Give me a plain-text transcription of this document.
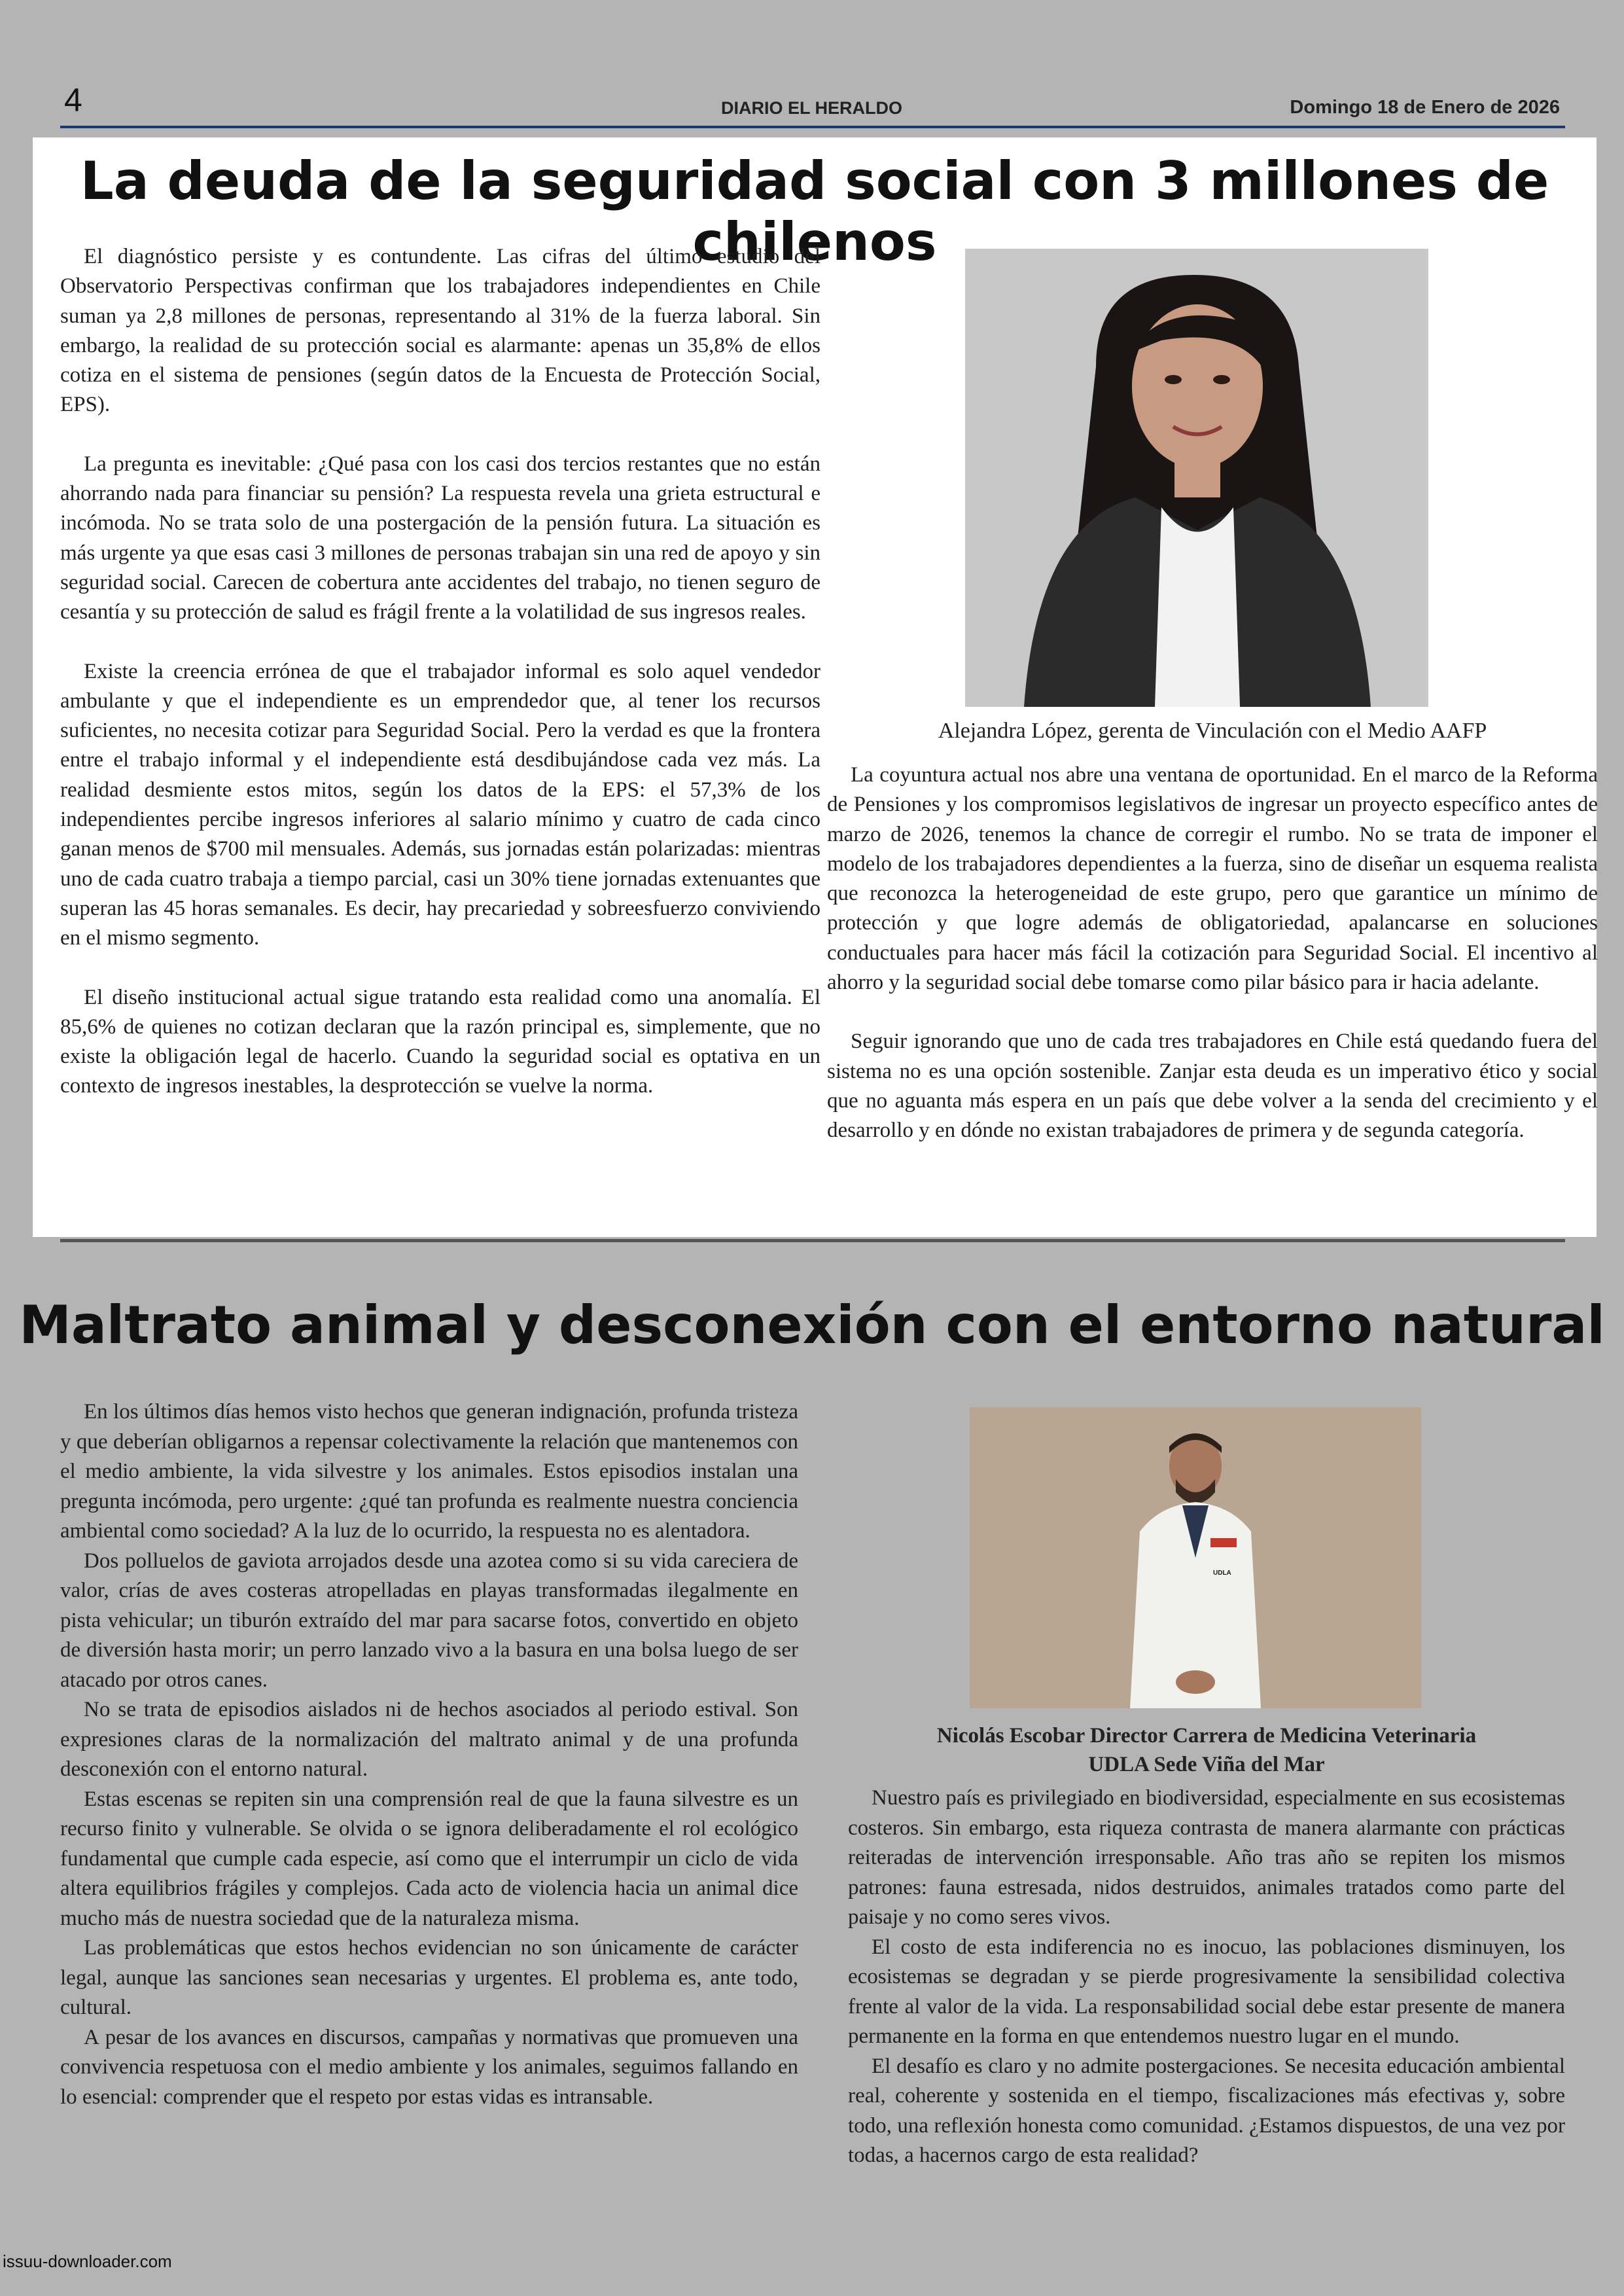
4	DIARIO EL HERALDO	Domingo 18 de Enero de 2026
La deuda de la seguridad social con 3 millones de chilenos

El diagnóstico persiste y es contundente. Las cifras del último estudio del Observatorio Perspectivas confirman que los trabajadores independientes en Chile suman ya 2,8 millones de personas, representando al 31% de la fuerza laboral. Sin embargo, la realidad de su protección social es alarmante: apenas un 35,8% de ellos cotiza en el sistema de pensiones (según datos de la Encuesta de Protección Social, EPS).

La pregunta es inevitable: ¿Qué pasa con los casi dos tercios restantes que no están ahorrando nada para financiar su pensión? La respuesta revela una grieta estructural e incómoda. No se trata solo de una postergación de la pensión futura. La situación es más urgente ya que esas casi 3 millones de personas trabajan sin una red de apoyo y sin seguridad social. Carecen de cobertura ante accidentes del trabajo, no tienen seguro de cesantía y su protección de salud es frágil frente a la volatilidad de sus ingresos reales.

Existe la creencia errónea de que el trabajador informal es solo aquel vendedor ambulante y que el independiente es un emprendedor que, al tener los recursos suficientes, no necesita cotizar para Seguridad Social. Pero la verdad es que la frontera entre el trabajo informal y el independiente está desdibujándose cada vez más. La realidad desmiente estos mitos, según los datos de la EPS: el 57,3% de los independientes percibe ingresos inferiores al salario mínimo y cuatro de cada cinco ganan menos de $700 mil mensuales. Además, sus jornadas están polarizadas: mientras uno de cada cuatro trabaja a tiempo parcial, casi un 30% tiene jornadas extenuantes que superan las 45 horas semanales. Es decir, hay precariedad y sobreesfuerzo conviviendo en el mismo segmento.

El diseño institucional actual sigue tratando esta realidad como una anomalía. El 85,6% de quienes no cotizan declaran que la razón principal es, simplemente, que no existe la obligación legal de hacerlo. Cuando la seguridad social es optativa en un contexto de ingresos inestables, la desprotección se vuelve la norma.

Alejandra López, gerenta de Vinculación con el Medio AAFP

La coyuntura actual nos abre una ventana de oportunidad. En el marco de la Reforma de Pensiones y los compromisos legislativos de ingresar un proyecto específico antes de marzo de 2026, tenemos la chance de corregir el rumbo. No se trata de imponer el modelo de los trabajadores dependientes a la fuerza, sino de diseñar un esquema realista que reconozca la heterogeneidad de este grupo, pero que garantice un mínimo de protección y que logre además de obligatoriedad, apalancarse en soluciones conductuales para hacer más fácil la cotización para Seguridad Social. El incentivo al ahorro y la seguridad social debe tomarse como pilar básico para ir hacia adelante.

Seguir ignorando que uno de cada tres trabajadores en Chile está quedando fuera del sistema no es una opción sostenible. Zanjar esta deuda es un imperativo ético y social que no aguanta más espera en un país que debe volver a la senda del crecimiento y el desarrollo y en dónde no existan trabajadores de primera y de segunda categoría.

Maltrato animal y desconexión con el entorno natural

En los últimos días hemos visto hechos que generan indignación, profunda tristeza y que deberían obligarnos a repensar colectivamente la relación que mantenemos con el medio ambiente, la vida silvestre y los animales. Estos episodios instalan una pregunta incómoda, pero urgente: ¿qué tan profunda es realmente nuestra conciencia ambiental como sociedad? A la luz de lo ocurrido, la respuesta no es alentadora.

Dos polluelos de gaviota arrojados desde una azotea como si su vida careciera de valor, crías de aves costeras atropelladas en playas transformadas ilegalmente en pista vehicular; un tiburón extraído del mar para sacarse fotos, convertido en objeto de diversión hasta morir; un perro lanzado vivo a la basura en una bolsa luego de ser atacado por otros canes.

No se trata de episodios aislados ni de hechos asociados al periodo estival. Son expresiones claras de la normalización del maltrato animal y de una profunda desconexión con el entorno natural.

Estas escenas se repiten sin una comprensión real de que la fauna silvestre es un recurso finito y vulnerable. Se olvida o se ignora deliberadamente el rol ecológico fundamental que cumple cada especie, así como que el interrumpir un ciclo de vida altera equilibrios frágiles y complejos. Cada acto de violencia hacia un animal dice mucho más de nuestra sociedad que de la naturaleza misma.

Las problemáticas que estos hechos evidencian no son únicamente de carácter legal, aunque las sanciones sean necesarias y urgentes. El problema es, ante todo, cultural.

A pesar de los avances en discursos, campañas y normativas que promueven una convivencia respetuosa con el medio ambiente y los animales, seguimos fallando en lo esencial: comprender que el respeto por estas vidas es intransable.

UDLA
Nicolás Escobar Director Carrera de Medicina Veterinaria
UDLA Sede Viña del Mar

Nuestro país es privilegiado en biodiversidad, especialmente en sus ecosistemas costeros. Sin embargo, esta riqueza contrasta de manera alarmante con prácticas reiteradas de intervención irresponsable. Año tras año se repiten los mismos patrones: fauna estresada, nidos destruidos, animales tratados como parte del paisaje y no como seres vivos.

El costo de esta indiferencia no es inocuo, las poblaciones disminuyen, los ecosistemas se degradan y se pierde progresivamente la sensibilidad colectiva frente al valor de la vida. La responsabilidad social debe estar presente de manera permanente en la forma en que entendemos nuestro lugar en el mundo.

El desafío es claro y no admite postergaciones. Se necesita educación ambiental real, coherente y sostenida en el tiempo, fiscalizaciones más efectivas y, sobre todo, una reflexión honesta como comunidad. ¿Estamos dispuestos, de una vez por todas, a hacernos cargo de esta realidad?

issuu-downloader.com
